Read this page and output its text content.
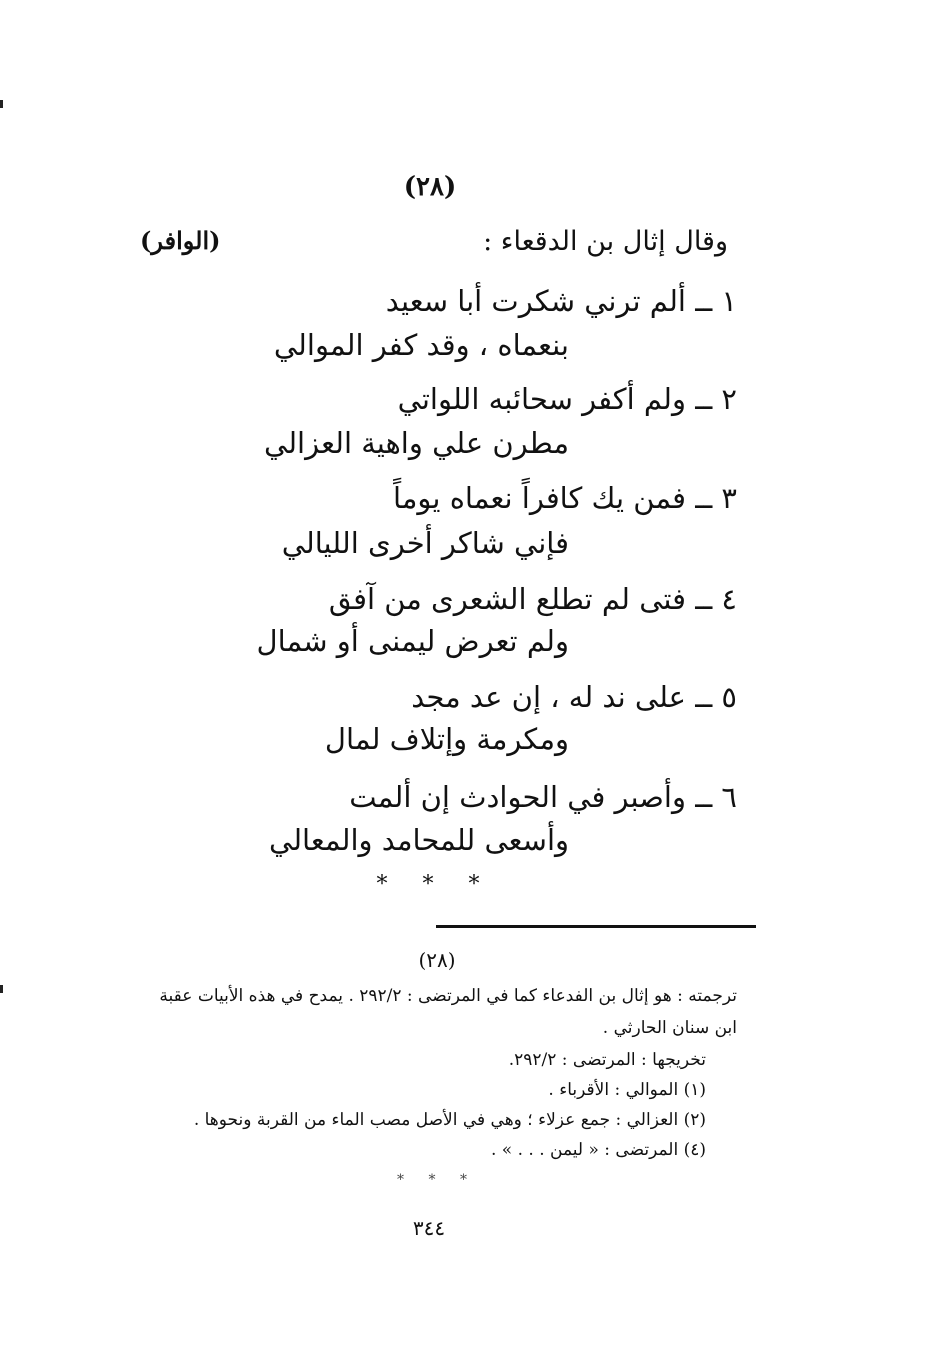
(٢٨)
وقال إثال بن الدقعاء :
(الوافر)
١ ــ ألم ترني شكرت أبا سعيد
بنعماه ، وقد كفر الموالي
٢ ــ ولم أكفر سحائبه اللواتي
مطرن علي واهية العزالي
٣ ــ فمن يك كافراً نعماه يوماً
فإني شاكر أخرى الليالي
٤ ــ فتى لم تطلع الشعرى من آفق
ولم تعرض ليمنى أو شمال
٥ ــ على ند له ، إن عد مجد
ومكرمة وإتلاف لمال
٦ ــ وأصبر في الحوادث إن ألمت
وأسعى للمحامد والمعالي
* * *
(٢٨)
ترجمته : هو إثال بن الفدعاء كما في المرتضى : ٢٩٢/٢ . يمدح في هذه الأبيات عقبة
ابن سنان الحارثي .
تخريجها : المرتضى : ٢٩٢/٢.
(١) الموالي : الأقرباء .
(٢) العزالي : جمع عزلاء ؛ وهي في الأصل مصب الماء من القربة ونحوها .
(٤) المرتضى : « ليمن . . . » .
* * *
٣٤٤
